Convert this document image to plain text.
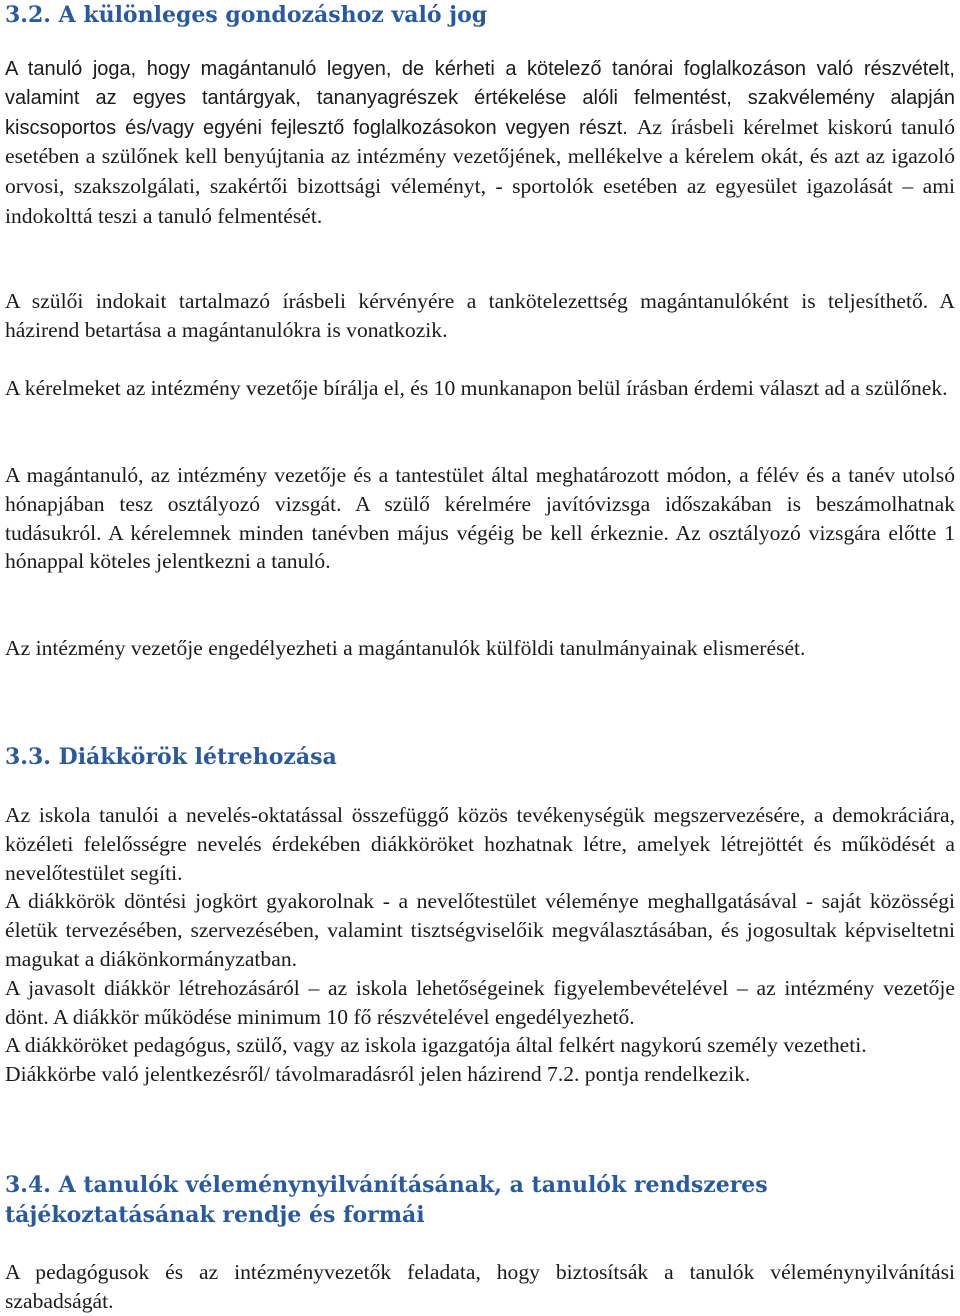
3.2. A különleges gondozáshoz való jog
A tanuló joga, hogy magántanuló legyen, de kérheti a kötelező tanórai foglalkozáson való részvételt, valamint az egyes tantárgyak, tananyagrészek értékelése alóli felmentést, szakvélemény alapján kiscsoportos és/vagy egyéni fejlesztő foglalkozásokon vegyen részt. Az írásbeli kérelmet kiskorú tanuló esetében a szülőnek kell benyújtania az intézmény vezetőjének, mellékelve a kérelem okát, és azt az igazoló orvosi, szakszolgálati, szakértői bizottsági véleményt, - sportolók esetében az egyesület igazolását – ami indokolttá teszi a tanuló felmentését.

A szülői indokait tartalmazó írásbeli kérvényére a tankötelezettség magántanulóként is teljesíthető. A házirend betartása a magántanulókra is vonatkozik.

A kérelmeket az intézmény vezetője bírálja el, és 10 munkanapon belül írásban érdemi választ ad a szülőnek.

A magántanuló, az intézmény vezetője és a tantestület által meghatározott módon, a félév és a tanév utolsó hónapjában tesz osztályozó vizsgát. A szülő kérelmére javítóvizsga időszakában is beszámolhatnak tudásukról. A kérelemnek minden tanévben május végéig be kell érkeznie. Az osztályozó vizsgára előtte 1 hónappal köteles jelentkezni a tanuló.

Az intézmény vezetője engedélyezheti a magántanulók külföldi tanulmányainak elismerését.

3.3. Diákkörök létrehozása

Az iskola tanulói a nevelés-oktatással összefüggő közös tevékenységük megszervezésére, a demokráciára, közéleti felelősségre nevelés érdekében diákköröket hozhatnak létre, amelyek létrejöttét és működését a nevelőtestület segíti.

A diákkörök döntési jogkört gyakorolnak - a nevelőtestület véleménye meghallgatásával - saját közösségi életük tervezésében, szervezésében, valamint tisztségviselőik megválasztásában, és jogosultak képviseltetni magukat a diákönkormányzatban.

A javasolt diákkör létrehozásáról – az iskola lehetőségeinek figyelembevételével – az intézmény vezetője dönt. A diákkör működése minimum 10 fő részvételével engedélyezhető.

A diákköröket pedagógus, szülő, vagy az iskola igazgatója által felkért nagykorú személy vezetheti.

Diákkörbe való jelentkezésről/ távolmaradásról jelen házirend 7.2. pontja rendelkezik.

3.4. A tanulók véleménynyilvánításának, a tanulók rendszeres tájékoztatásának rendje és formái

A pedagógusok és az intézményvezetők feladata, hogy biztosítsák a tanulók véleménynyilvánítási szabadságát.
